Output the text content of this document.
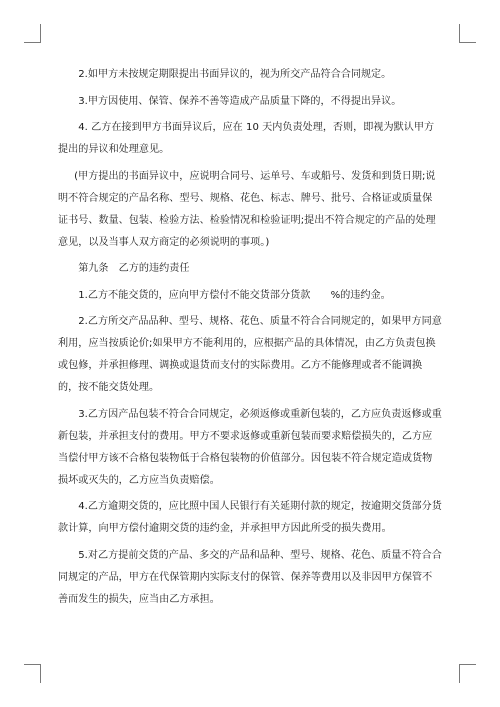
2.如甲方未按规定期限提出书面异议的，视为所交产品符合合同规定。

3.甲方因使用、保管、保养不善等造成产品质量下降的，不得提出异议。

4. 乙方在接到甲方书面异议后，应在 10 天内负责处理，否则，即视为默认甲方提出的异议和处理意见。

(甲方提出的书面异议中，应说明合同号、运单号、车或船号、发货和到货日期;说明不符合规定的产品名称、型号、规格、花色、标志、牌号、批号、合格证或质量保证书号、数量、包装、检验方法、检验情况和检验证明;提出不符合规定的产品的处理意见，以及当事人双方商定的必须说明的事项。)

第九条　乙方的违约责任

1.乙方不能交货的，应向甲方偿付不能交货部分货款　　%的违约金。

2.乙方所交产品品种、型号、规格、花色、质量不符合合同规定的，如果甲方同意利用，应当按质论价;如果甲方不能利用的，应根据产品的具体情况，由乙方负责包换或包修，并承担修理、调换或退货而支付的实际费用。乙方不能修理或者不能调换的，按不能交货处理。

3.乙方因产品包装不符合合同规定，必须返修或重新包装的，乙方应负责返修或重新包装，并承担支付的费用。甲方不要求返修或重新包装而要求赔偿损失的，乙方应当偿付甲方该不合格包装物低于合格包装物的价值部分。因包装不符合规定造成货物损坏或灭失的，乙方应当负责赔偿。

4.乙方逾期交货的，应比照中国人民银行有关延期付款的规定，按逾期交货部分货款计算，向甲方偿付逾期交货的违约金，并承担甲方因此所受的损失费用。

5.对乙方提前交货的产品、多交的产品和品种、型号、规格、花色、质量不符合合同规定的产品，甲方在代保管期内实际支付的保管、保养等费用以及非因甲方保管不善而发生的损失，应当由乙方承担。
